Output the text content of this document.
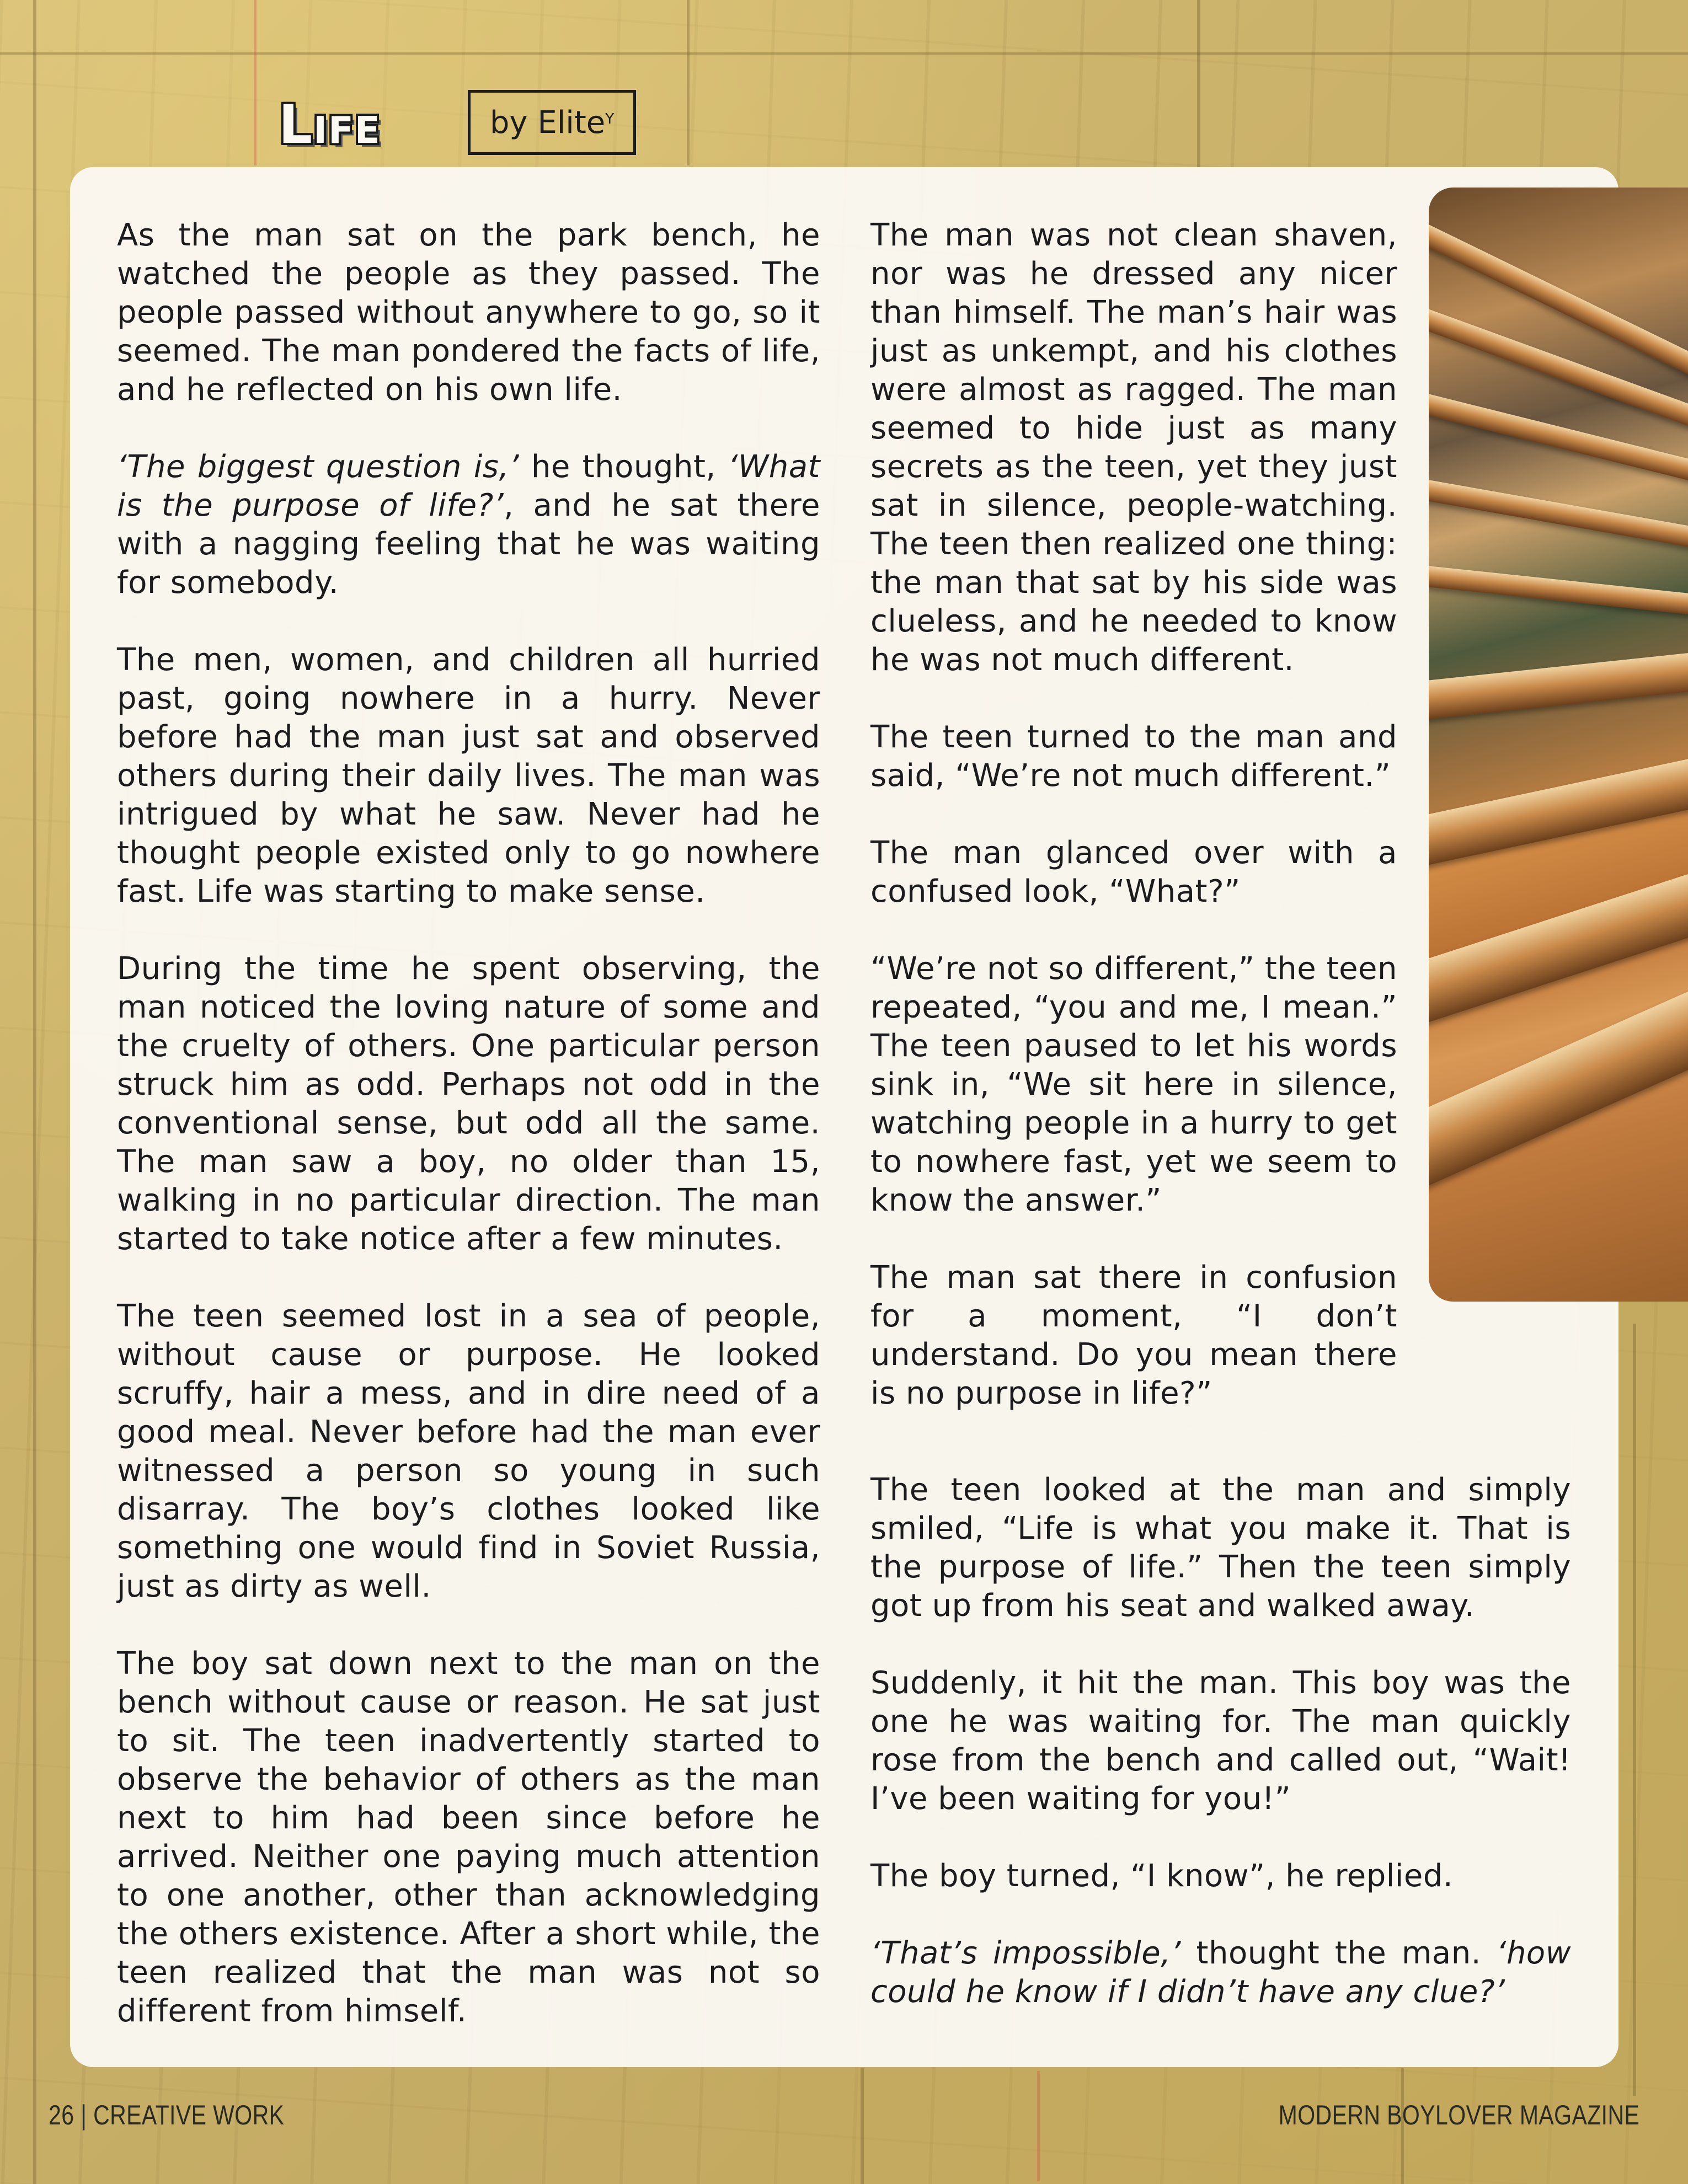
Life	by Elite$^Y$

As the man sat on the park bench, he watched the people as they passed. The people passed without anywhere to go, so it seemed. The man pondered the facts of life, and he reflected on his own life.

‘The biggest question is,’ he thought, ‘What is the purpose of life?’, and he sat there with a nagging feeling that he was waiting for somebody.

The men, women, and children all hurried past, going nowhere in a hurry. Never before had the man just sat and observed others during their daily lives. The man was intrigued by what he saw. Never had he thought people existed only to go nowhere fast. Life was starting to make sense.

During the time he spent observing, the man noticed the loving nature of some and the cruelty of others. One particular person struck him as odd. Perhaps not odd in the conventional sense, but odd all the same. The man saw a boy, no older than 15, walking in no particular direction. The man started to take notice after a few minutes.

The teen seemed lost in a sea of people, without cause or purpose. He looked scruffy, hair a mess, and in dire need of a good meal. Never before had the man ever witnessed a person so young in such disarray. The boy’s clothes looked like something one would find in Soviet Russia, just as dirty as well.

The boy sat down next to the man on the bench without cause or reason. He sat just to sit. The teen inadvertently started to observe the behavior of others as the man next to him had been since before he arrived. Neither one paying much attention to one another, other than acknowledging the others existence. After a short while, the teen realized that the man was not so different from himself.

The man was not clean shaven, nor was he dressed any nicer than himself. The man’s hair was just as unkempt, and his clothes were almost as ragged. The man seemed to hide just as many secrets as the teen, yet they just sat in silence, people-watching. The teen then realized one thing: the man that sat by his side was clueless, and he needed to know he was not much different.

The teen turned to the man and said, “We’re not much different.”

The man glanced over with a confused look, “What?”

“We’re not so different,” the teen repeated, “you and me, I mean.” The teen paused to let his words sink in, “We sit here in silence, watching people in a hurry to get to nowhere fast, yet we seem to know the answer.”

The man sat there in confusion for a moment, “I don’t understand. Do you mean there is no purpose in life?”

The teen looked at the man and simply smiled, “Life is what you make it. That is the purpose of life.” Then the teen simply got up from his seat and walked away.

Suddenly, it hit the man. This boy was the one he was waiting for. The man quickly rose from the bench and called out, “Wait! I’ve been waiting for you!”

The boy turned, “I know”, he replied.

‘That’s impossible,’ thought the man. ‘how could he know if I didn’t have any clue?’

26 | CREATIVE WORK	MODERN BOYLOVER MAGAZINE
